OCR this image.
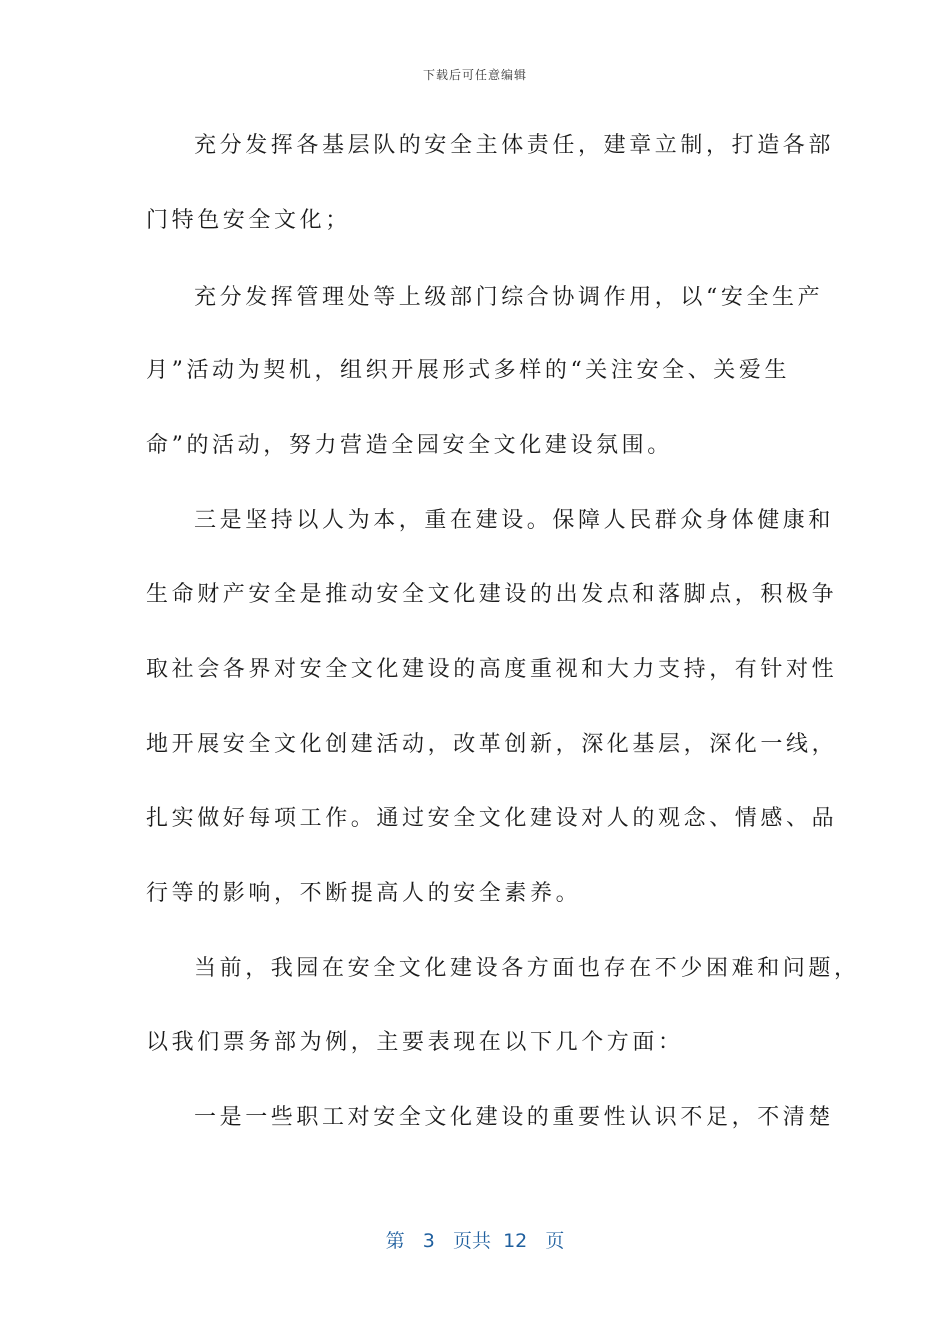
下载后可任意编辑
充分发挥各基层队的安全主体责任，建章立制，打造各部
门特色安全文化；
充分发挥管理处等上级部门综合协调作用，以“安全生产
月”活动为契机，组织开展形式多样的“关注安全、关爱生
命”的活动，努力营造全园安全文化建设氛围。
三是坚持以人为本，重在建设。保障人民群众身体健康和
生命财产安全是推动安全文化建设的出发点和落脚点，积极争
取社会各界对安全文化建设的高度重视和大力支持，有针对性
地开展安全文化创建活动，改革创新，深化基层，深化一线，
扎实做好每项工作。通过安全文化建设对人的观念、情感、品
行等的影响，不断提高人的安全素养。
当前，我园在安全文化建设各方面也存在不少困难和问题，
以我们票务部为例，主要表现在以下几个方面：
一是一些职工对安全文化建设的重要性认识不足，不清楚
第 3 页共 12 页
